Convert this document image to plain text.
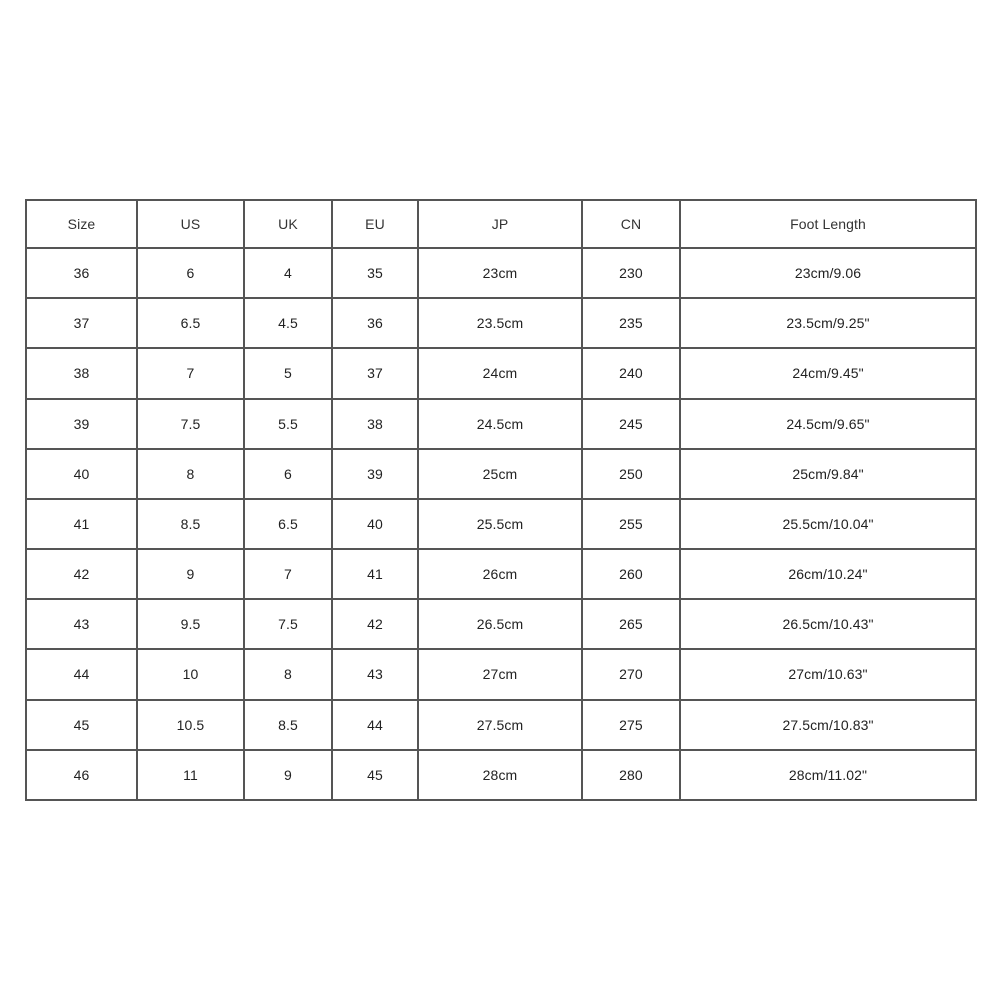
Size	US	UK	EU	JP	CN	Foot Length
36	6	4	35	23cm	230	23cm/9.06
37	6.5	4.5	36	23.5cm	235	23.5cm/9.25"
38	7	5	37	24cm	240	24cm/9.45"
39	7.5	5.5	38	24.5cm	245	24.5cm/9.65"
40	8	6	39	25cm	250	25cm/9.84"
41	8.5	6.5	40	25.5cm	255	25.5cm/10.04"
42	9	7	41	26cm	260	26cm/10.24"
43	9.5	7.5	42	26.5cm	265	26.5cm/10.43"
44	10	8	43	27cm	270	27cm/10.63"
45	10.5	8.5	44	27.5cm	275	27.5cm/10.83"
46	11	9	45	28cm	280	28cm/11.02"
